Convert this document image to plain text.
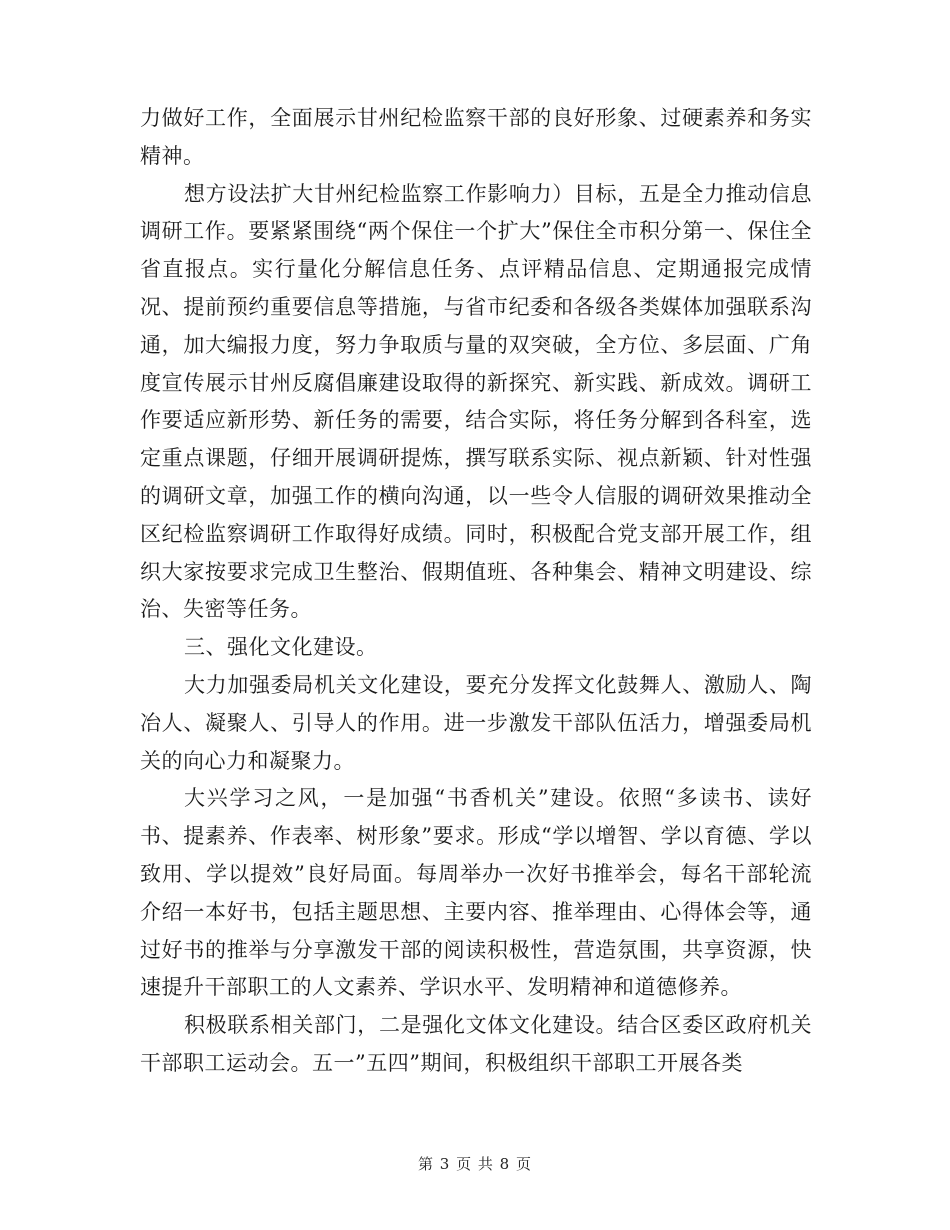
力做好工作，全面展示甘州纪检监察干部的良好形象、过硬素养和务实精神。

想方设法扩大甘州纪检监察工作影响力）目标，五是全力推动信息调研工作。要紧紧围绕“两个保住一个扩大”保住全市积分第一、保住全省直报点。实行量化分解信息任务、点评精品信息、定期通报完成情况、提前预约重要信息等措施，与省市纪委和各级各类媒体加强联系沟通，加大编报力度，努力争取质与量的双突破，全方位、多层面、广角度宣传展示甘州反腐倡廉建设取得的新探究、新实践、新成效。调研工作要适应新形势、新任务的需要，结合实际，将任务分解到各科室，选定重点课题，仔细开展调研提炼，撰写联系实际、视点新颖、针对性强的调研文章，加强工作的横向沟通，以一些令人信服的调研效果推动全区纪检监察调研工作取得好成绩。同时，积极配合党支部开展工作，组织大家按要求完成卫生整治、假期值班、各种集会、精神文明建设、综治、失密等任务。

三、强化文化建设。

大力加强委局机关文化建设，要充分发挥文化鼓舞人、激励人、陶冶人、凝聚人、引导人的作用。进一步激发干部队伍活力，增强委局机关的向心力和凝聚力。

大兴学习之风，一是加强“书香机关”建设。依照“多读书、读好书、提素养、作表率、树形象”要求。形成“学以增智、学以育德、学以致用、学以提效”良好局面。每周举办一次好书推举会，每名干部轮流介绍一本好书，包括主题思想、主要内容、推举理由、心得体会等，通过好书的推举与分享激发干部的阅读积极性，营造氛围，共享资源，快速提升干部职工的人文素养、学识水平、发明精神和道德修养。

积极联系相关部门，二是强化文体文化建设。结合区委区政府机关干部职工运动会。五一”五四”期间，积极组织干部职工开展各类

第 3 页 共 8 页
